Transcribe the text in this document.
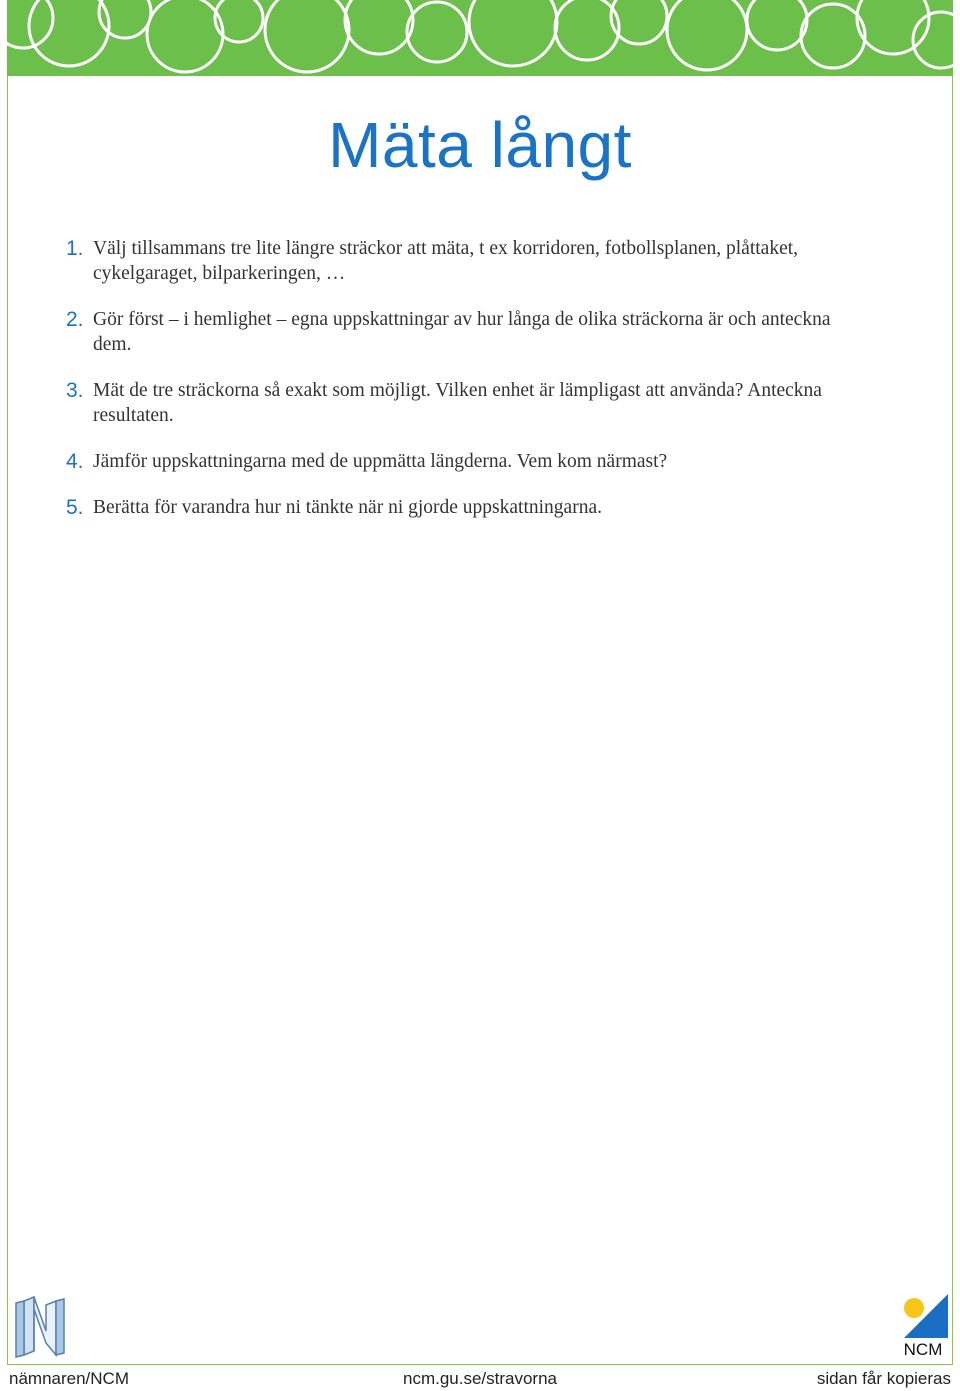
Mäta långt
1. Välj tillsammans tre lite längre sträckor att mäta, t ex korridoren, fotbollsplanen, plåttaket, cykelgaraget, bilparkeringen, …
2. Gör först – i hemlighet – egna uppskattningar av hur långa de olika sträckorna är och anteckna dem.
3. Mät de tre sträckorna så exakt som möjligt. Vilken enhet är lämpligast att använda? Anteckna resultaten.
4. Jämför uppskattningarna med de uppmätta längderna. Vem kom närmast?
5. Berätta för varandra hur ni tänkte när ni gjorde uppskattningarna.
NCM
nämnaren/NCM	ncm.gu.se/stravorna	sidan får kopieras
